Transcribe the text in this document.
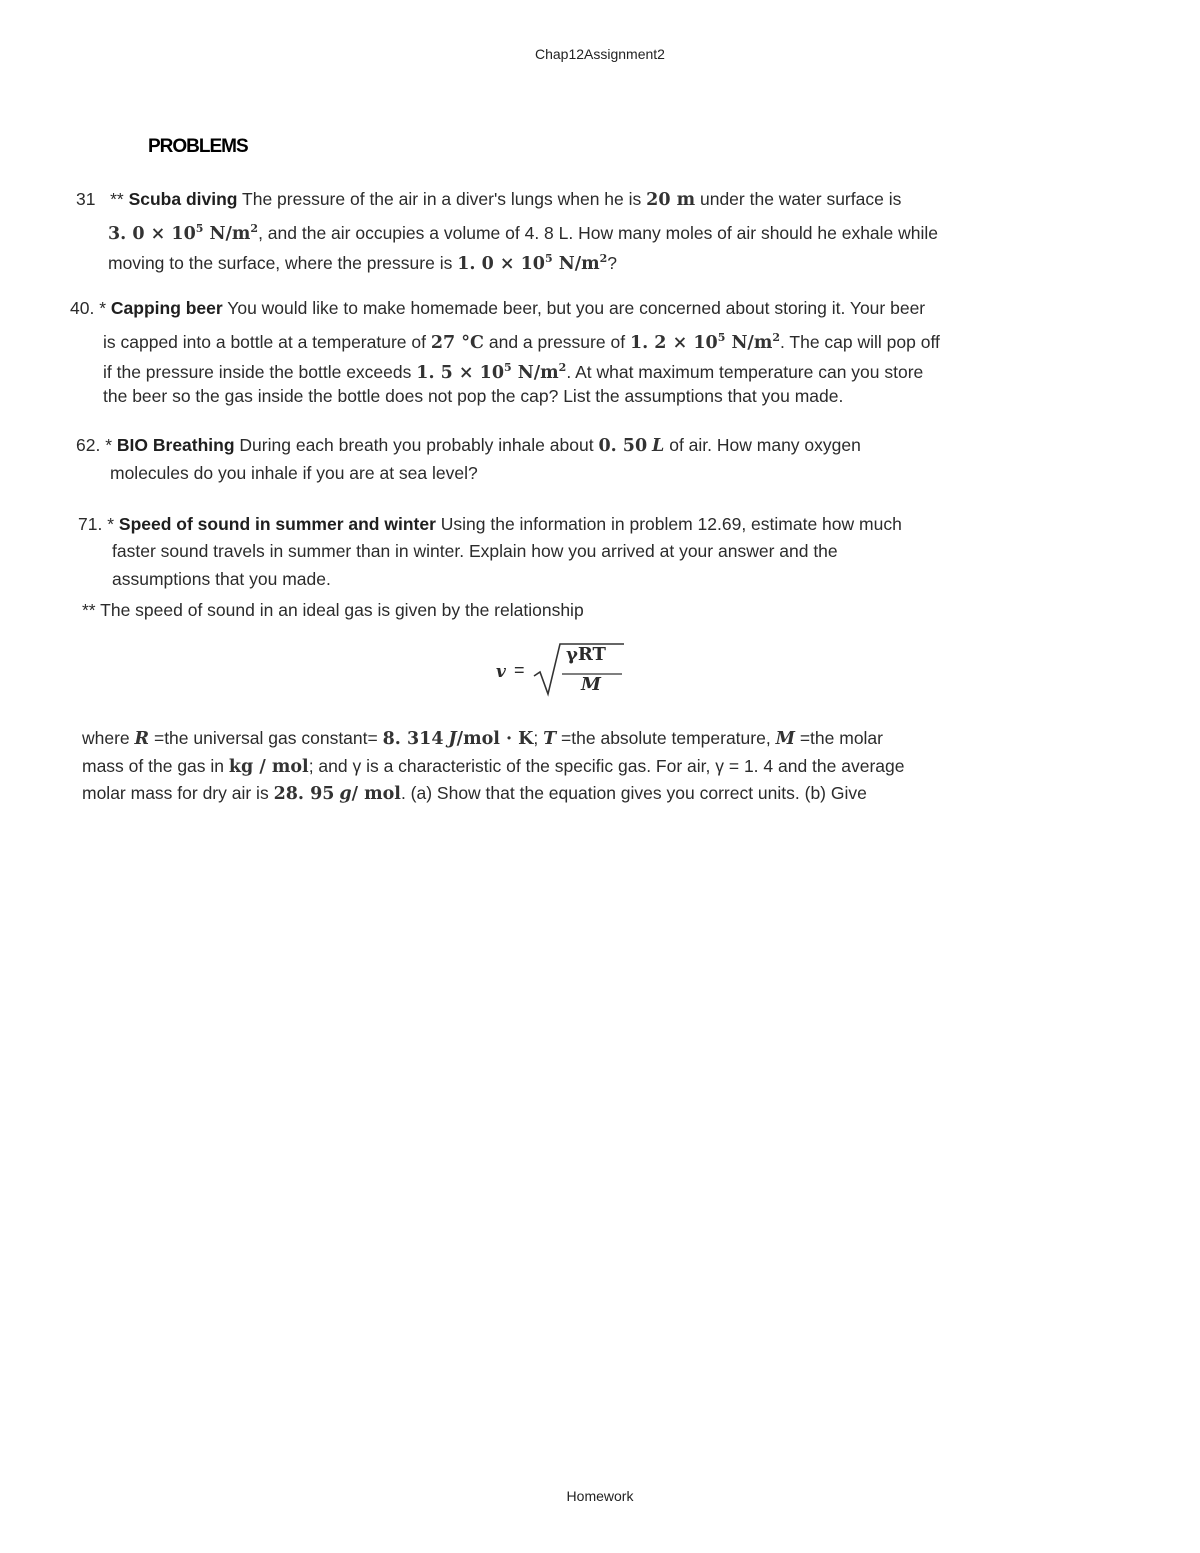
Chap12Assignment2
PROBLEMS
31 ** Scuba diving The pressure of the air in a diver's lungs when he is 20 m under the water surface is
3. $0 \times 10^5$ $N/m^2$, and the air occupies a volume of 4. 8 L. How many moles of air should he exhale while
moving to the surface, where the pressure is 1. $0 \times 10^5$ $N/m^2$?
40. * Capping beer You would like to make homemade beer, but you are concerned about storing it. Your beer
is capped into a bottle at a temperature of 27 °C and a pressure of 1. $2 \times 10^5$ $N/m^2$. The cap will pop off
if the pressure inside the bottle exceeds 1. $5 \times 10^5$ $N/m^2$. At what maximum temperature can you store
the beer so the gas inside the bottle does not pop the cap? List the assumptions that you made.
62. * BIO Breathing During each breath you probably inhale about 0. 50 L of air. How many oxygen
molecules do you inhale if you are at sea level?
71. * Speed of sound in summer and winter Using the information in problem 12.69, estimate how much
faster sound travels in summer than in winter. Explain how you arrived at your answer and the
assumptions that you made.
** The speed of sound in an ideal gas is given by the relationship
v =
γRT
M
where R =the universal gas constant= 8. 314 J/mol · K; T =the absolute temperature, M =the molar
mass of the gas in kg / mol; and γ is a characteristic of the specific gas. For air, γ = 1. 4 and the average
molar mass for dry air is 28. 95 g/ mol. (a) Show that the equation gives you correct units. (b) Give
Homework
